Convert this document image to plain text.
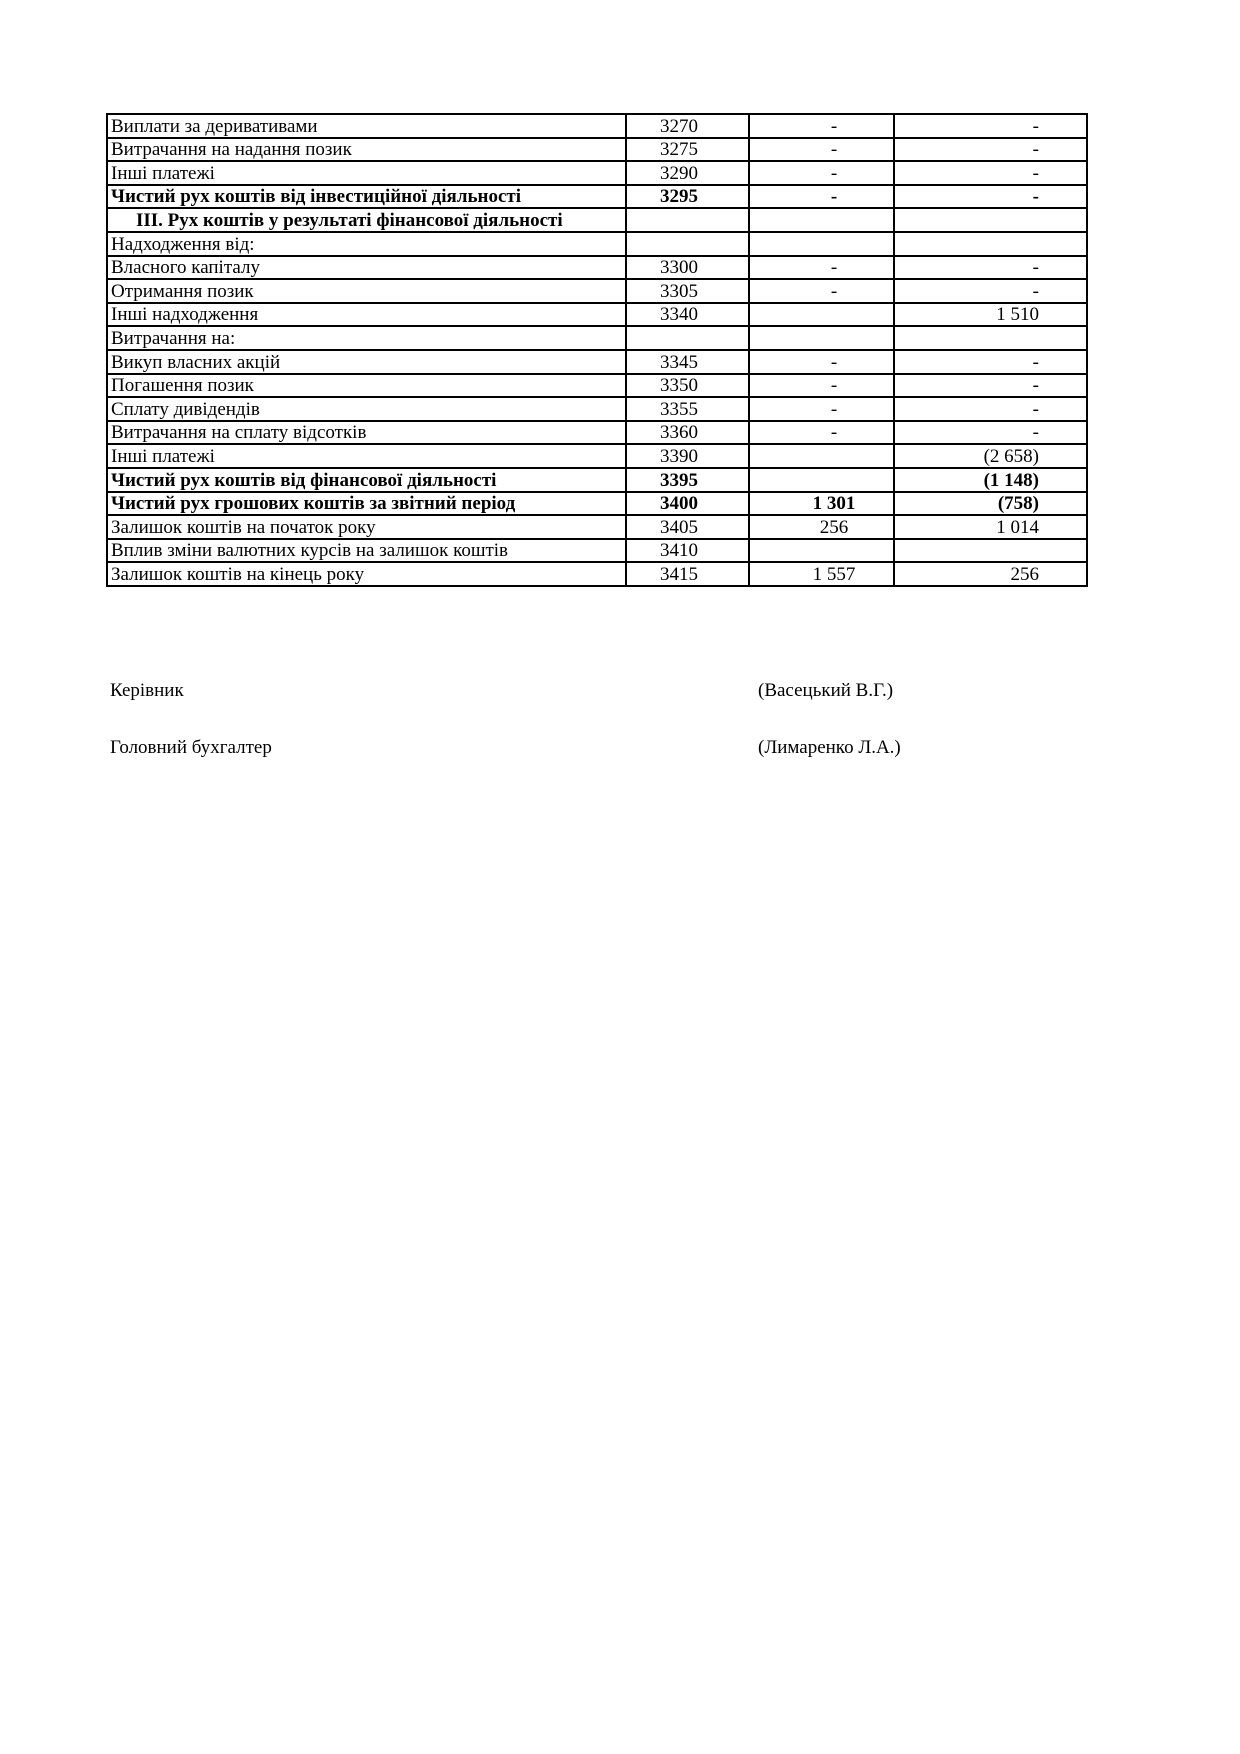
Виплати за деривативами	3270	-	-
Витрачання на надання позик	3275	-	-
Інші платежі	3290	-	-
Чистий рух коштів від інвестиційної діяльності	3295	-	-
ІІІ. Рух коштів у результаті фінансової діяльності			
Надходження від:			
Власного капіталу	3300	-	-
Отримання позик	3305	-	-
Інші надходження	3340		1 510
Витрачання на:			
Викуп власних акцій	3345	-	-
Погашення позик	3350	-	-
Сплату дивідендів	3355	-	-
Витрачання на сплату відсотків	3360	-	-
Інші платежі	3390		(2 658)
Чистий рух коштів від фінансової діяльності	3395		(1 148)
Чистий рух грошових коштів за звітний період	3400	1 301	(758)
Залишок коштів на початок року	3405	256	1 014
Вплив зміни валютних курсів на залишок коштів	3410		
Залишок коштів на кінець року	3415	1 557	256
Керівник	(Васецький В.Г.)
Головний бухгалтер	(Лимаренко Л.А.)
